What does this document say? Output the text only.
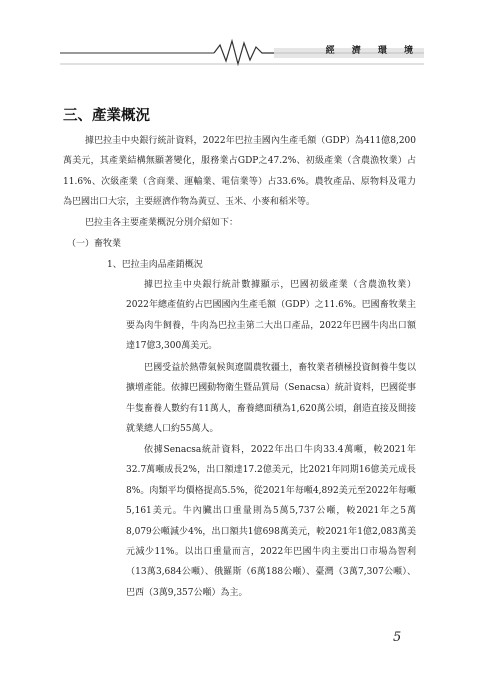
經 濟 環 境
三、產業概況
據巴拉圭中央銀行統計資料，2022年巴拉圭國內生產毛額（GDP）為411億8,200萬美元，其產業結構無顯著變化，服務業占GDP之47.2%、初級產業（含農漁牧業）占11.6%、次級產業（含商業、運輸業、電信業等）占33.6%。農牧產品、原物料及電力為巴國出口大宗，主要經濟作物為黃豆、玉米、小麥和稻米等。
巴拉圭各主要產業概況分別介紹如下：
（一）畜牧業
1、巴拉圭肉品產銷概況
據巴拉圭中央銀行統計數據顯示，巴國初級產業（含農漁牧業）2022年總產值約占巴國國內生產毛額（GDP）之11.6%。巴國畜牧業主要為肉牛飼養，牛肉為巴拉圭第二大出口產品，2022年巴國牛肉出口額達17億3,300萬美元。
巴國受益於熱帶氣候與遼闊農牧疆土，畜牧業者積極投資飼養牛隻以擴增產能。依據巴國動物衛生暨品質局（Senacsa）統計資料，巴國從事牛隻畜養人數約有11萬人，畜養總面積為1,620萬公頃，創造直接及間接就業總人口約55萬人。
依據Senacsa統計資料，2022年出口牛肉33.4萬噸，較2021年32.7萬噸成長2%，出口額達17.2億美元，比2021年同期16億美元成長8%。肉類平均價格提高5.5%，從2021年每噸4,892美元至2022年每噸5,161美元。牛內臟出口重量則為5萬5,737公噸，較2021年之5萬8,079公噸減少4%，出口額共1億698萬美元，較2021年1億2,083萬美元減少11%。以出口重量而言，2022年巴國牛肉主要出口市場為智利（13萬3,684公噸）、俄羅斯（6萬188公噸）、臺灣（3萬7,307公噸）、巴西（3萬9,357公噸）為主。
5
